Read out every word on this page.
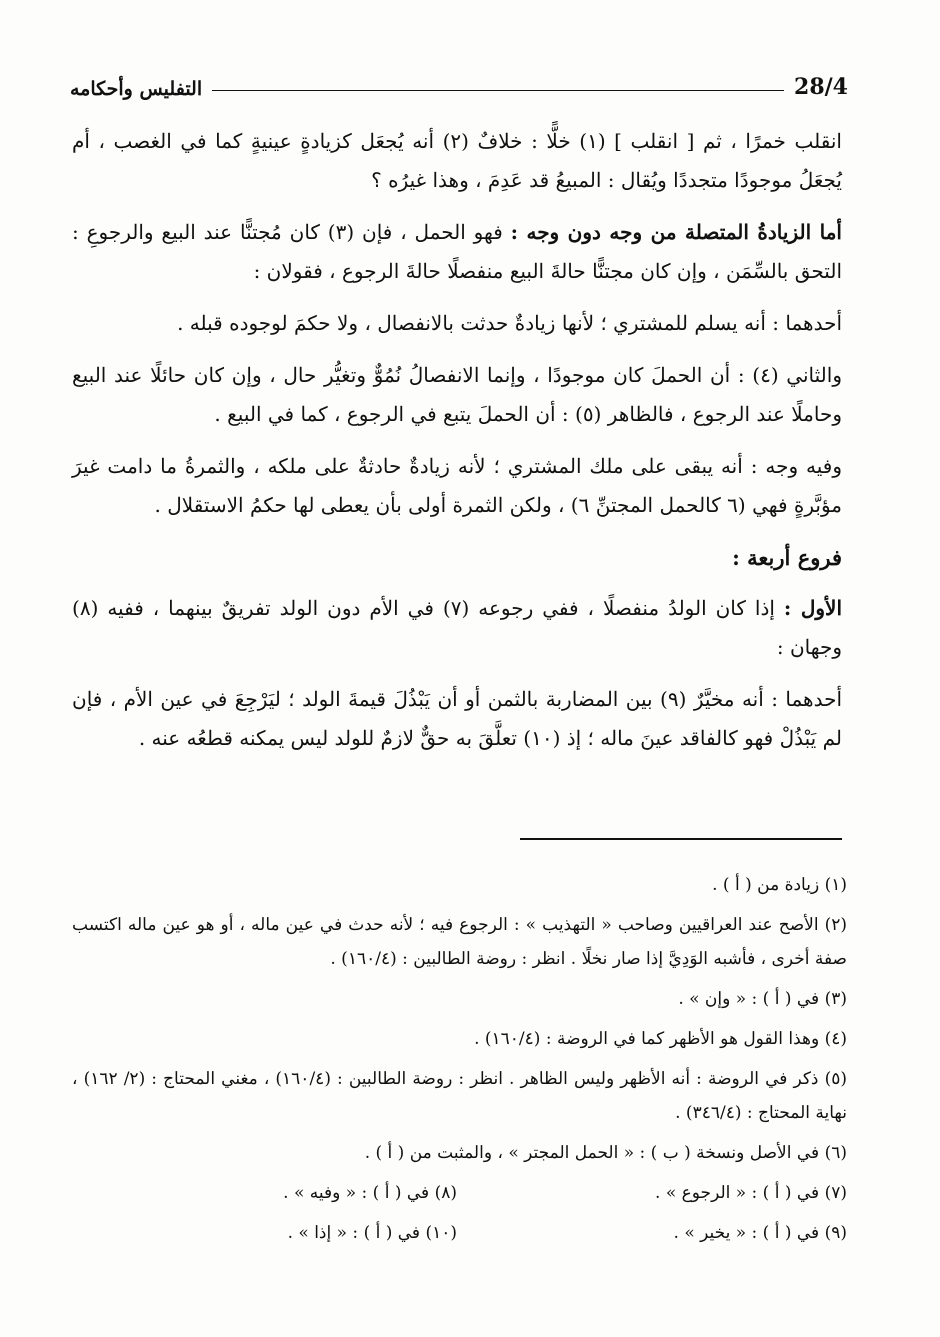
28/4
التفليس وأحكامه

انقلب خمرًا ، ثم [ انقلب ] (١) خلًّا : خلافٌ (٢) أنه يُجعَل كزيادةٍ عينيةٍ كما في الغصب ، أم يُجعَلُ موجودًا متجددًا ويُقال : المبيعُ قد عَدِمَ ، وهذا غيرُه ؟

أما الزيادةُ المتصلة من وجه دون وجه : فهو الحمل ، فإن (٣) كان مُجتنًّا عند البيع والرجوعِ : التحق بالسِّمَن ، وإن كان مجتنًّا حالةَ البيع منفصلًا حالةَ الرجوع ، فقولان :

أحدهما : أنه يسلم للمشتري ؛ لأنها زيادةٌ حدثت بالانفصال ، ولا حكمَ لوجوده قبله .

والثاني (٤) : أن الحملَ كان موجودًا ، وإنما الانفصالُ نُمُوٌّ وتغيُّر حال ، وإن كان حائلًا عند البيع وحاملًا عند الرجوع ، فالظاهر (٥) : أن الحملَ يتبع في الرجوع ، كما في البيع .

وفيه وجه : أنه يبقى على ملك المشتري ؛ لأنه زيادةٌ حادثةٌ على ملكه ، والثمرةُ ما دامت غيرَ مؤبَّرةٍ فهي (٦ كالحمل المجتنِّ ٦) ، ولكن الثمرة أولى بأن يعطى لها حكمُ الاستقلال .

فروع أربعة :

الأول : إذا كان الولدُ منفصلًا ، ففي رجوعه (٧) في الأم دون الولد تفريقٌ بينهما ، ففيه (٨) وجهان :

أحدهما : أنه مخيَّرٌ (٩) بين المضاربة بالثمن أو أن يَبْذُلَ قيمةَ الولد ؛ ليَرْجِعَ في عين الأم ، فإن لم يَبْذُلْ فهو كالفاقد عينَ ماله ؛ إذ (١٠) تعلَّقَ به حقٌّ لازمٌ للولد ليس يمكنه قطعُه عنه .

(١) زيادة من ( أ ) .

(٢) الأصح عند العراقيين وصاحب « التهذيب » : الرجوع فيه ؛ لأنه حدث في عين ماله ، أو هو عين ماله اكتسب صفة أخرى ، فأشبه الوَدِيَّ إذا صار نخلًا . انظر : روضة الطالبين : (١٦٠/٤) .

(٣) في ( أ ) : « وإن » .

(٤) وهذا القول هو الأظهر كما في الروضة : (١٦٠/٤) .

(٥) ذكر في الروضة : أنه الأظهر وليس الظاهر . انظر : روضة الطالبين : (١٦٠/٤) ، مغني المحتاج : (٢/ ١٦٢) ، نهاية المحتاج : (٣٤٦/٤) .

(٦) في الأصل ونسخة ( ب ) : « الحمل المجتر » ، والمثبت من ( أ ) .

(٧) في ( أ ) : « الرجوع » .
(٨) في ( أ ) : « وفيه » .
(٩) في ( أ ) : « يخير » .
(١٠) في ( أ ) : « إذا » .
